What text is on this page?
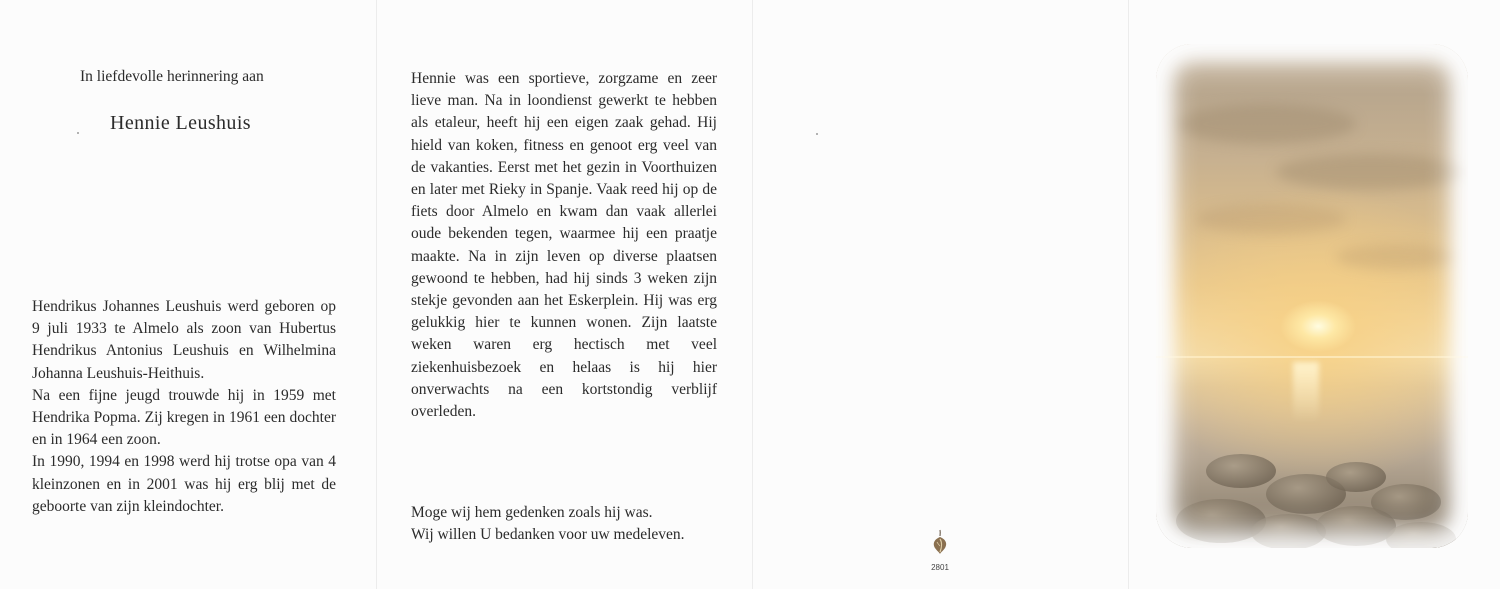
In liefdevolle herinnering aan

Hennie Leushuis

Hendrikus Johannes Leushuis werd geboren op 9 juli 1933 te Almelo als zoon van Hubertus Hendrikus Antonius Leushuis en Wilhelmina Johanna Leushuis-Heithuis.

Na een fijne jeugd trouwde hij in 1959 met Hendrika Popma. Zij kregen in 1961 een dochter en in 1964 een zoon.

In 1990, 1994 en 1998 werd hij trotse opa van 4 kleinzonen en in 2001 was hij erg blij met de geboorte van zijn kleindochter.

Hennie was een sportieve, zorgzame en zeer lieve man. Na in loondienst gewerkt te hebben als etaleur, heeft hij een eigen zaak gehad. Hij hield van koken, fitness en genoot erg veel van de vakanties. Eerst met het gezin in Voorthuizen en later met Rieky in Spanje. Vaak reed hij op de fiets door Almelo en kwam dan vaak allerlei oude bekenden tegen, waarmee hij een praatje maakte. Na in zijn leven op diverse plaatsen gewoond te hebben, had hij sinds 3 weken zijn stekje gevonden aan het Eskerplein. Hij was erg gelukkig hier te kunnen wonen. Zijn laatste weken waren erg hectisch met veel ziekenhuisbezoek en helaas is hij hier onverwachts na een kortstondig verblijf overleden.

Moge wij hem gedenken zoals hij was.
Wij willen U bedanken voor uw medeleven.
2801
